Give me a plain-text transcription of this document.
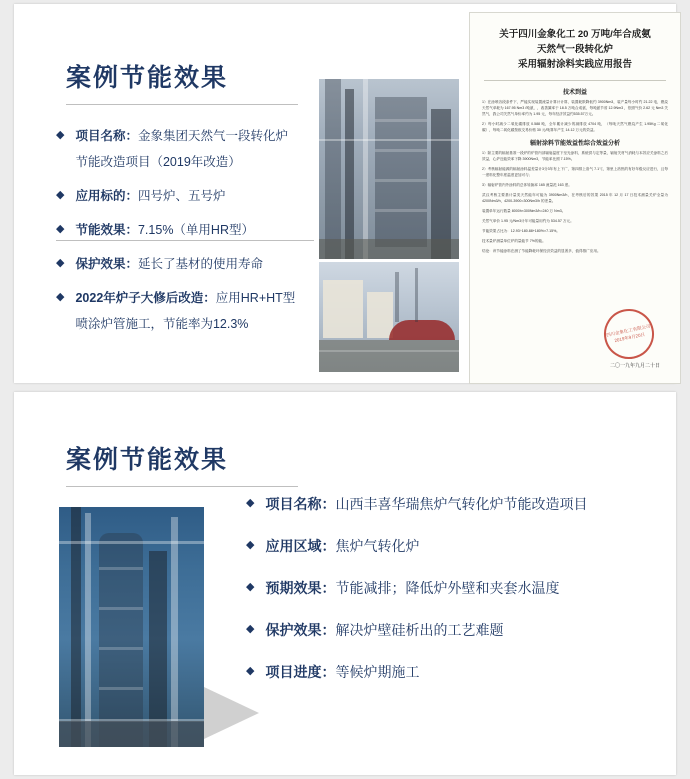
案例节能效果
◆ 项目名称：金象集团天然气一段转化炉
节能改造项目（2019年改造）
◆ 应用标的：四号炉、五号炉
◆ 节能效果：7.15%（单用HR型）
◆ 保护效果：延长了基材的使用寿命
◆ 2022年炉子大修后改造：应用HR+HT型
喷涂炉管施工，节能率为12.3%
关于四川金象化工 20 万吨/年合成氨
天然气一段转化炉
采用辐射涂料实践应用报告
技术到益
1）在涂喷各段条件下，严能实现装置流量计算计计算，装置耗散降低约 3900Nm3，装产量每小时约 21.22 电，燃烧天然气单耗为 167.95 Nm3 /吨氨，，改善簧率于 18.5 万吨合成氨，每吨氨节省 12.9Nm3 ，依照气价 2.62 元 Nm3 关然气，我公司关然气单价率约为 1.95 元，每年经济效益约535.57万元。
2）每小时减少二氧化碳排放 0.588 吨，全年累计减少的减排放 4704 吨，（每吨天然气燃烧产生 1.95Kg 二氧化碳），每吨二氧化碳按欧交易价格 30 元/吨算年产生 14.12 万元的效益。
辐射涂料节能效益性综合效益分析
1）除主要的辐射基准一段炉的炉管内部辐射温度下至光涂料，系统供与定等量，辐射关材气消耗与本效应关涂料之后效益，心炉近能效率下降 3900Nm3，节能率比照 7.15%。
2）考核辐射能源的辐射涂料温差量计3分3年有上下广，第四排上洛气 7.1℃，第里上洛热的有好年级反应进行，且每一度料化整年度温度更加可与；
3）辐射炉管内外涂料的总体转换率 165 流量范 163 度。
武汉考核主要基计量类天然能年可能为 3900Nm3/h，在考核后的效果 2015 年 12 月 17 日技术测量关炉全量为 4200Nm3/h，4200-3900=300Nm3/h 的差量。
装置单年运行数量 8000h×300Nm3/h=240 万 Nm3。
关然气单价 1.95 元/Nm3计年可能量用约为 534.57 万元。
节能效果占比为：12.93÷180.88+180%×7.15%。
技术量炉测量单位炉的量能节 7%的能。
结论：该节能涂料在测了节能降耗环保经济效益的显著多，值得推广应用。
四川金象化工有限公司 2019年9月20日
二〇一九年九月二十日
案例节能效果
◆ 项目名称：山西丰喜华瑞焦炉气转化炉节能改造项目
◆ 应用区域：焦炉气转化炉
◆ 预期效果：节能减排；降低炉外壁和夹套水温度
◆ 保护效果：解决炉壁硅析出的工艺难题
◆ 项目进度：等候炉期施工
